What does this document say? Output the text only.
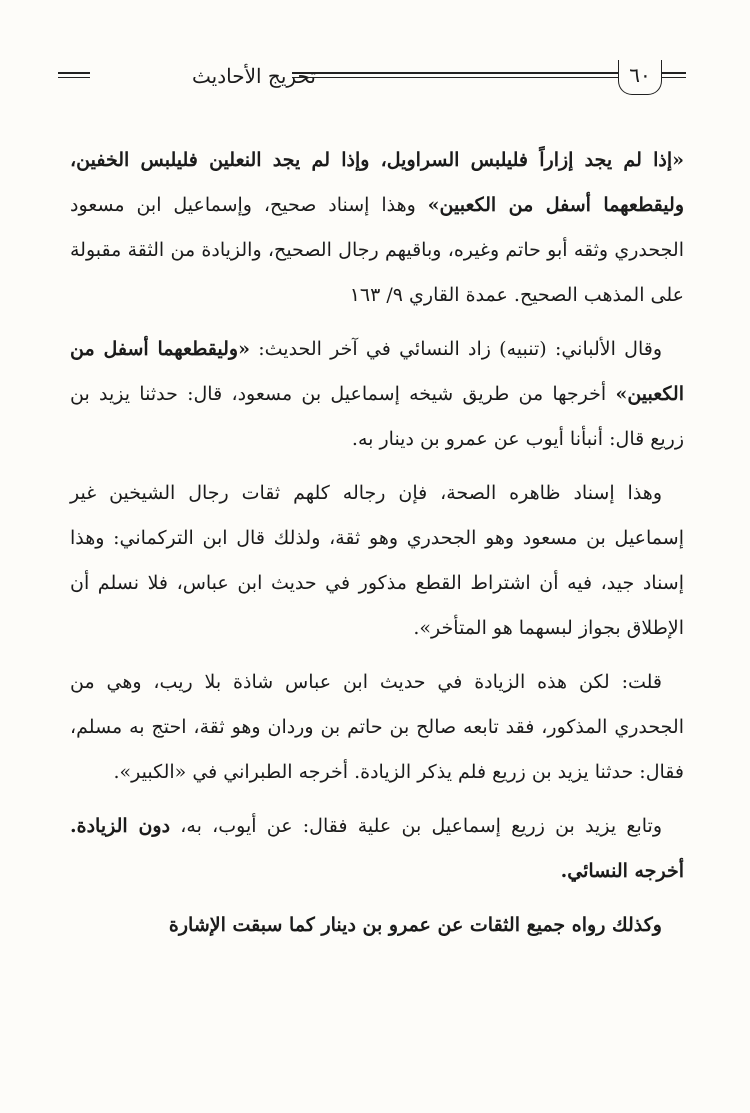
تخريج الأحاديث	٦٠

«إذا لم يجد إزاراً فليلبس السراويل، وإذا لم يجد النعلين فليلبس الخفين، وليقطعهما أسفل من الكعبين» وهذا إسناد صحيح، وإسماعيل ابن مسعود الجحدري وثقه أبو حاتم وغيره، وباقيهم رجال الصحيح، والزيادة من الثقة مقبولة على المذهب الصحيح. عمدة القاري ٩/ ١٦٣

وقال الألباني: (تنبيه) زاد النسائي في آخر الحديث: «وليقطعهما أسفل من الكعبين» أخرجها من طريق شيخه إسماعيل بن مسعود، قال: حدثنا يزيد بن زريع قال: أنبأنا أيوب عن عمرو بن دينار به.

وهذا إسناد ظاهره الصحة، فإن رجاله كلهم ثقات رجال الشيخين غير إسماعيل بن مسعود وهو الجحدري وهو ثقة، ولذلك قال ابن التركماني: وهذا إسناد جيد، فيه أن اشتراط القطع مذكور في حديث ابن عباس، فلا نسلم أن الإطلاق بجواز لبسهما هو المتأخر».

قلت: لكن هذه الزيادة في حديث ابن عباس شاذة بلا ريب، وهي من الجحدري المذكور، فقد تابعه صالح بن حاتم بن وردان وهو ثقة، احتج به مسلم، فقال: حدثنا يزيد بن زريع فلم يذكر الزيادة. أخرجه الطبراني في «الكبير».

وتابع يزيد بن زريع إسماعيل بن علية فقال: عن أيوب، به، دون الزيادة. أخرجه النسائي.

وكذلك رواه جميع الثقات عن عمرو بن دينار كما سبقت الإشارة
